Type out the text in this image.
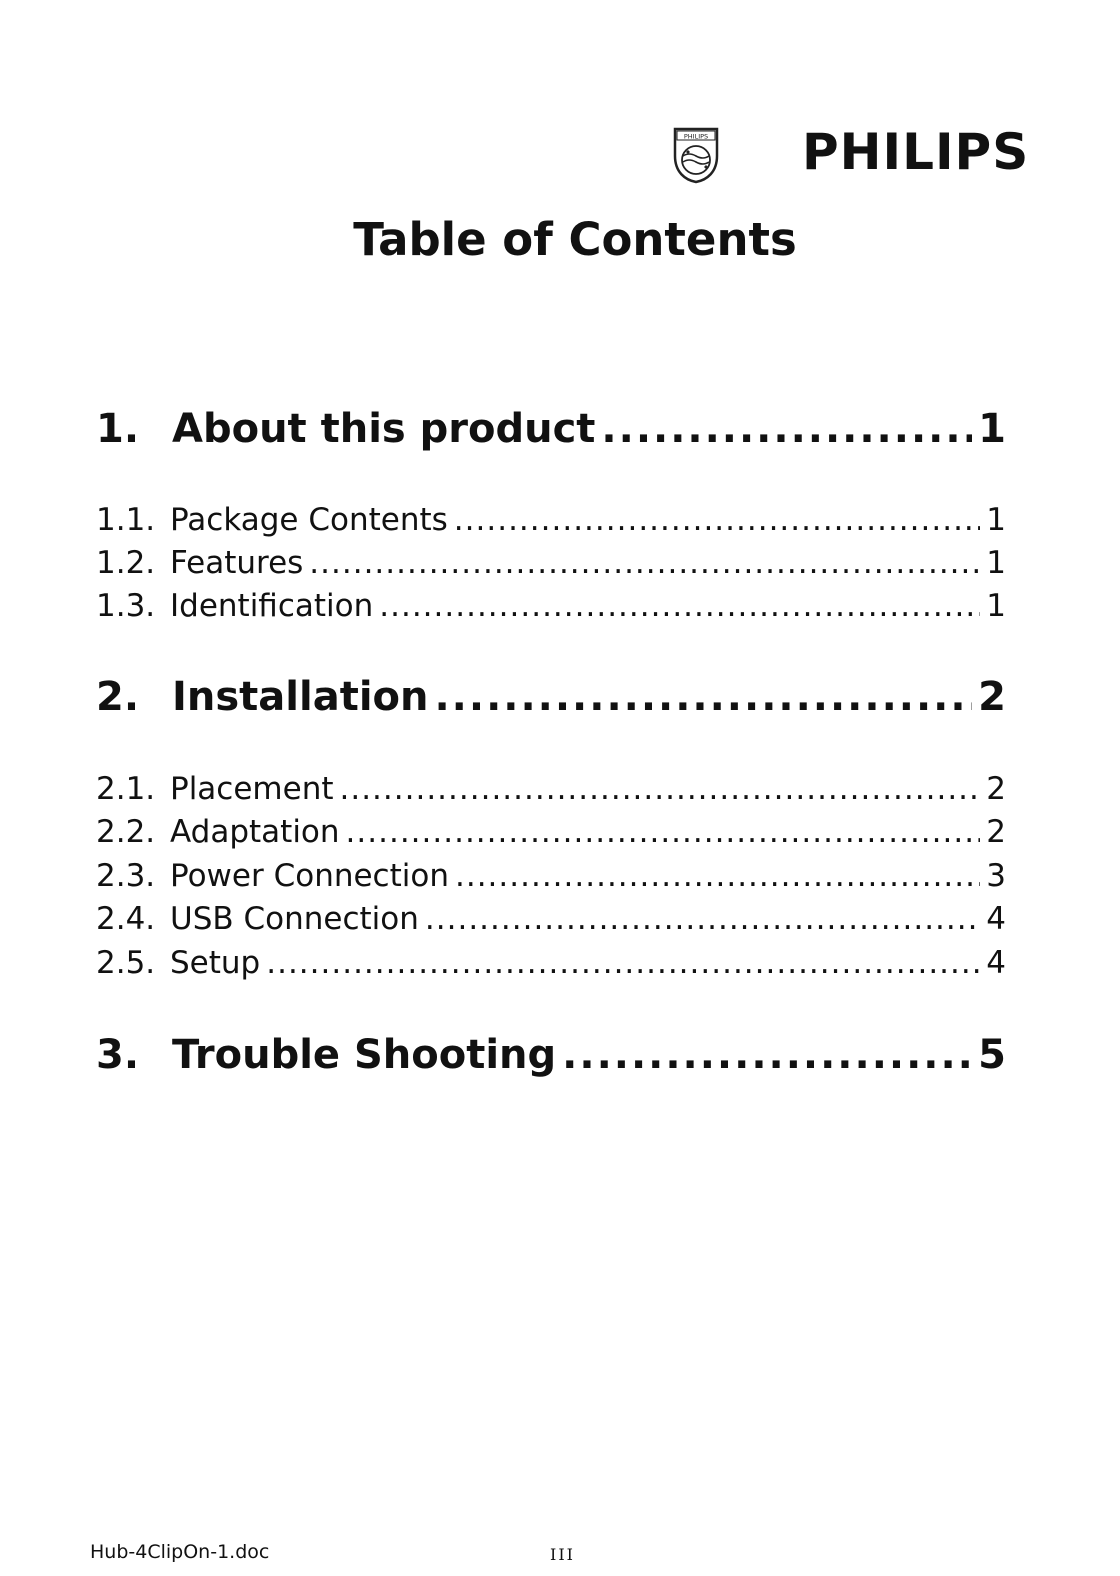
PHILIPS PHILIPS
Table of Contents
1. About this product .....	1
1.1. Package Contents .....	1
1.2. Features .....	1
1.3. Identification .....	1
2. Installation .....	2
2.1. Placement .....	2
2.2. Adaptation .....	2
2.3. Power Connection .....	3
2.4. USB Connection .....	4
2.5. Setup .....	4
3. Trouble Shooting .....	5
Hub-4ClipOn-1.doc	III
